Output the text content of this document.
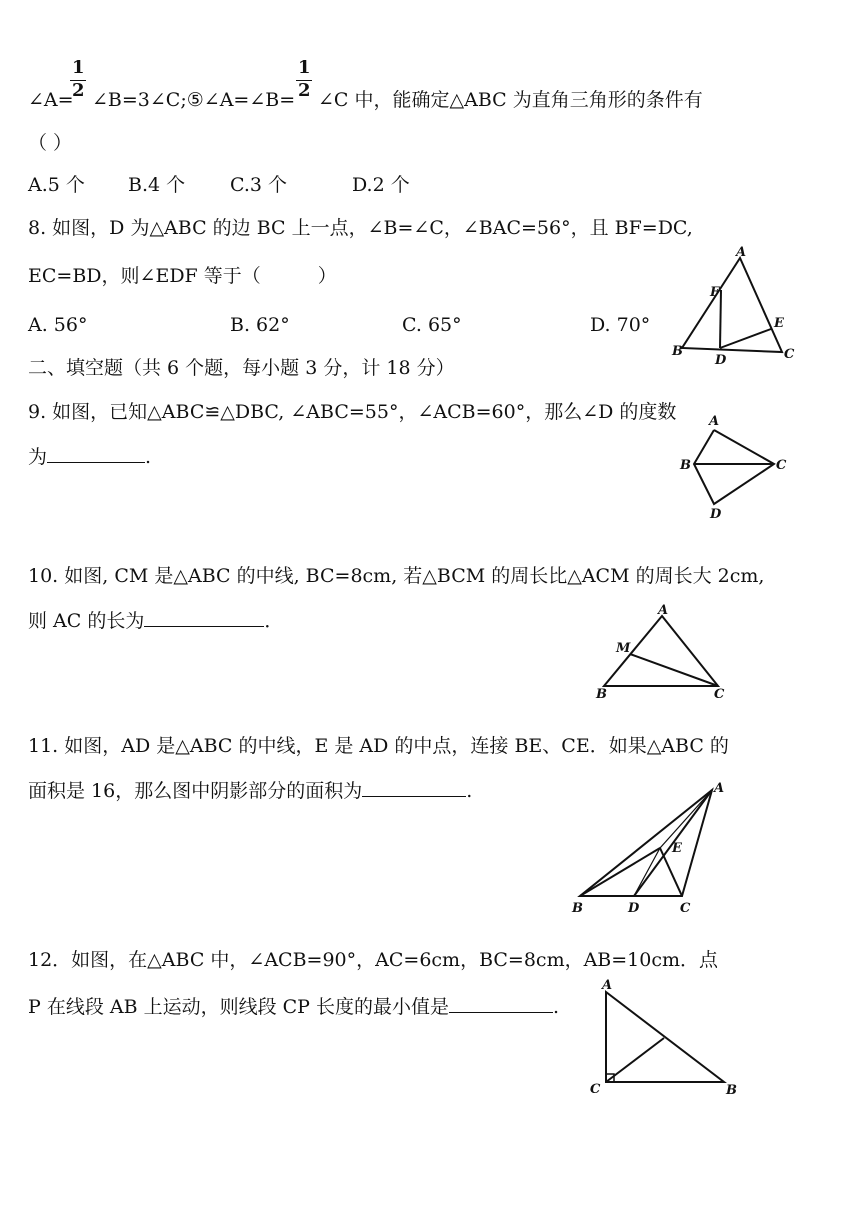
1
2
1
2
∠A= ∠B=3∠C;⑤∠A=∠B= ∠C 中，能确定△ABC 为直角三角形的条件有
（ ）
A.5 个 B.4 个 C.3 个	D.2 个
8. 如图，D 为△ABC 的边 BC 上一点，∠B=∠C，∠BAC=56°，且 BF=DC,
EC=BD，则∠EDF 等于（　　　）
A. 56°	B. 62°	C. 65°	D. 70°
A
F
E
B
D	C
二、填空题（共 6 个题，每小题 3 分，计 18 分）
9. 如图，已知△ABC≌△DBC, ∠ABC=55°，∠ACB=60°，那么∠D 的度数
为	.
A
B	C
D
10. 如图, CM 是△ABC 的中线, BC=8cm, 若△BCM 的周长比△ACM 的周长大 2cm,
则 AC 的长为	．	A
M
B	C
11. 如图，AD 是△ABC 的中线，E 是 AD 的中点，连接 BE、CE．如果△ABC 的
面积是 16，那么图中阴影部分的面积为	.	A
E
B	D	C
12．如图，在△ABC 中，∠ACB=90°，AC=6cm，BC=8cm，AB=10cm．点
P 在线段 AB 上运动，则线段 CP 长度的最小值是	.
A
C	B
